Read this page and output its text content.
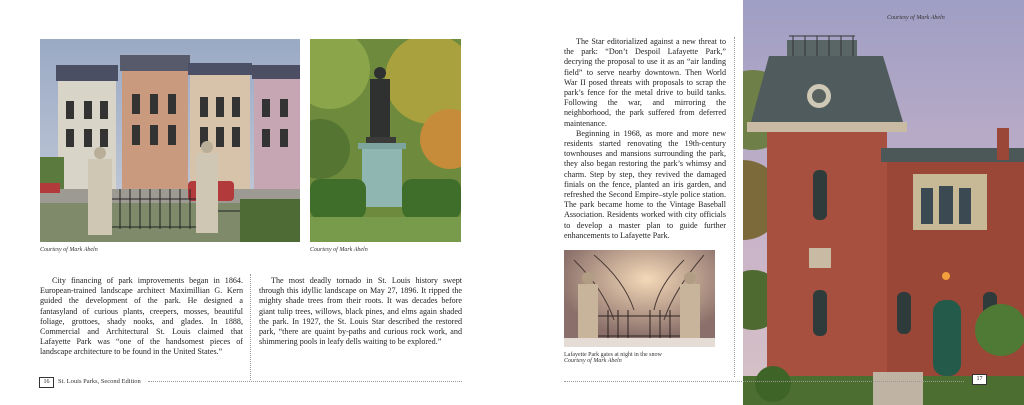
Courtesy of Mark Abeln	Courtesy of Mark Abeln

City financing of park improvements began in 1864. European-trained landscape architect Maximillian G. Kern guided the development of the park. He designed a fantasyland of curious plants, creepers, mosses, beautiful foliage, grottoes, shady nooks, and glades. In 1888, Commercial and Architectural St. Louis claimed that Lafayette Park was “one of the handsomest pieces of landscape architecture to be found in the United States.”

The most deadly tornado in St. Louis history swept through this idyllic landscape on May 27, 1896. It ripped the mighty shade trees from their roots. It was decades before giant tulip trees, willows, black pines, and elms again shaded the park. In 1927, the St. Louis Star described the restored park, “there are quaint by-paths and curious rock work, and shimmering pools in leafy dells waiting to be explored.”

16	St. Louis Parks, Second Edition

The Star editorialized against a new threat to the park: “Don’t Despoil Lafayette Park,” decrying the proposal to use it as an “air landing field” to serve nearby downtown. Then World War II posed threats with proposals to scrap the park’s fence for the metal drive to build tanks. Following the war, and mirroring the neighborhood, the park suffered from deferred maintenance.

Beginning in 1968, as more and more new residents started renovating the 19th-century townhouses and mansions surrounding the park, they also began restoring the park’s whimsy and charm. Step by step, they revived the damaged finials on the fence, planted an iris garden, and refreshed the Second Empire–style police station. The park became home to the Vintage Baseball Association. Residents worked with city officials to develop a master plan to guide further enhancements to Lafayette Park.

Lafayette Park gates at night in the snow
Courtesy of Mark Abeln
Courtesy of Mark Abeln
17
